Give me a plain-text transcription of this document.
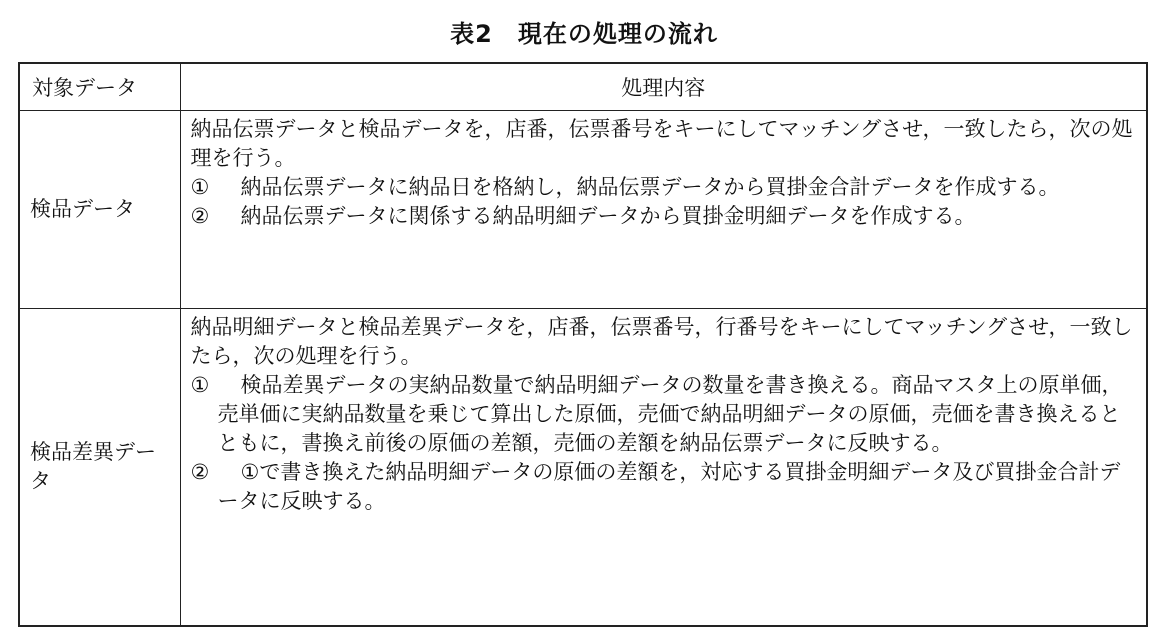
表2　現在の処理の流れ
対象データ	処理内容
検品データ	納品伝票データと検品データを，店番，伝票番号をキーにしてマッチングさせ，一致したら，次の処理を行う。

① 納品伝票データに納品日を格納し，納品伝票データから買掛金合計データを作成する。

② 納品伝票データに関係する納品明細データから買掛金明細データを作成する。

検品差異データ	納品明細データと検品差異データを，店番，伝票番号，行番号をキーにしてマッチングさせ，一致したら，次の処理を行う。

① 検品差異データの実納品数量で納品明細データの数量を書き換える。商品マスタ上の原単価，売単価に実納品数量を乗じて算出した原価，売価で納品明細データの原価，売価を書き換えるとともに，書換え前後の原価の差額，売価の差額を納品伝票データに反映する。

② ①で書き換えた納品明細データの原価の差額を，対応する買掛金明細データ及び買掛金合計データに反映する。
